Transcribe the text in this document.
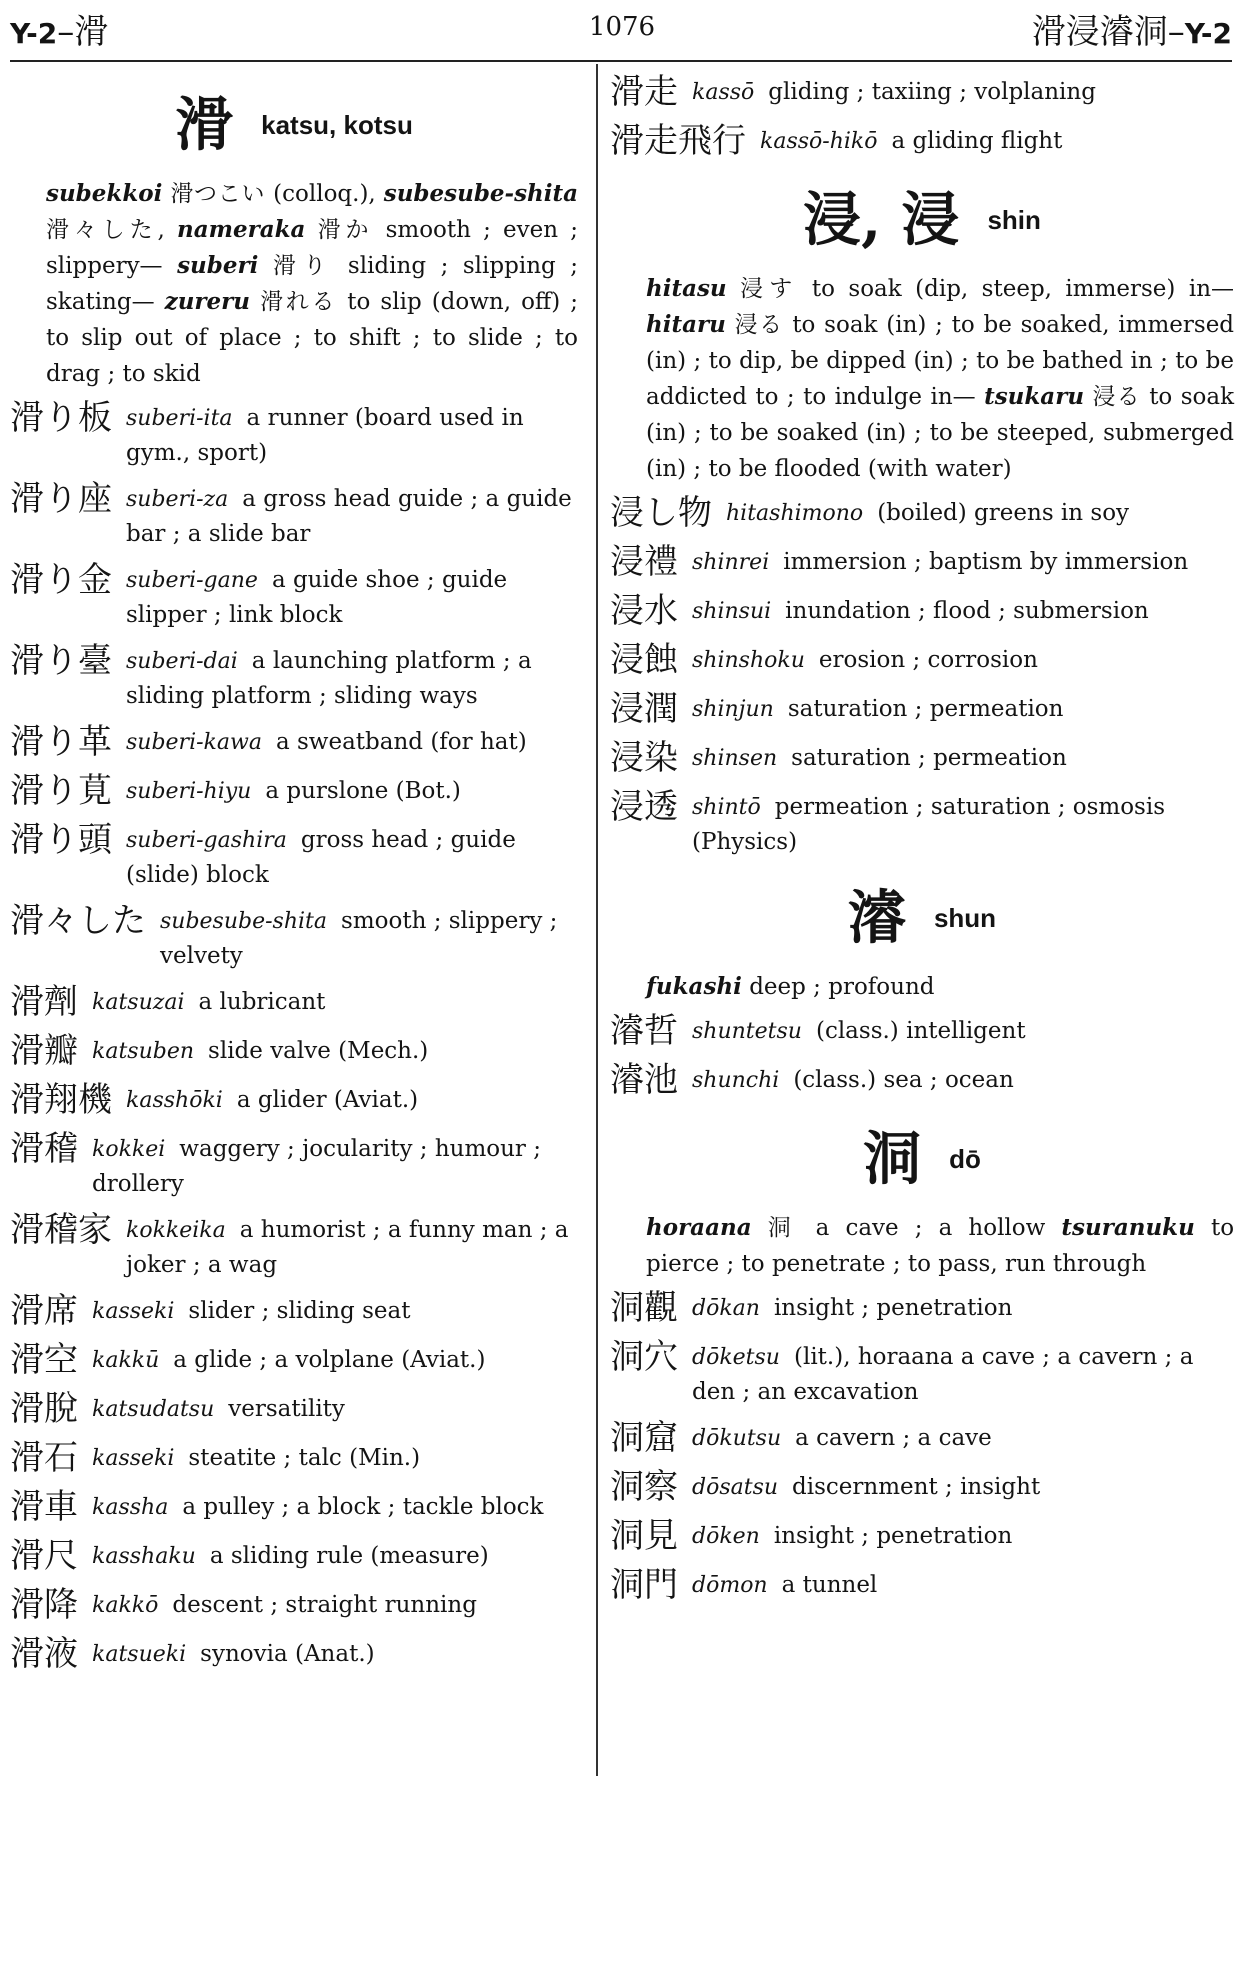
Y-2–滑	1076	滑浸濬洞–Y-2
滑 katsu, kotsu
subekkoi 滑つこい (colloq.), subesube-shita 滑々した, nameraka 滑か smooth ; even ; slippery— suberi 滑り sliding ; slipping ; skating— zureru 滑れる to slip (down, off) ; to slip out of place ; to shift ; to slide ; to drag ; to skid
滑り板 suberi-ita a runner (board used in gym., sport)
滑り座 suberi-za a gross head guide ; a guide bar ; a slide bar
滑り金 suberi-gane a guide shoe ; guide slipper ; link block
滑り臺 suberi-dai a launching platform ; a sliding platform ; sliding ways
滑り革 suberi-kawa a sweatband (for hat)
滑り莧 suberi-hiyu a purslone (Bot.)
滑り頭 suberi-gashira gross head ; guide (slide) block
滑々した subesube-shita smooth ; slippery ; velvety
滑劑 katsuzai a lubricant
滑瓣 katsuben slide valve (Mech.)
滑翔機 kasshōki a glider (Aviat.)
滑稽 kokkei waggery ; jocularity ; humour ; drollery
滑稽家 kokkeika a humorist ; a funny man ; a joker ; a wag
滑席 kasseki slider ; sliding seat
滑空 kakkū a glide ; a volplane (Aviat.)
滑脫 katsudatsu versatility
滑石 kasseki steatite ; talc (Min.)
滑車 kassha a pulley ; a block ; tackle block
滑尺 kasshaku a sliding rule (measure)
滑降 kakkō descent ; straight running
滑液 katsueki synovia (Anat.)
滑走 kassō gliding ; taxiing ; volplaning
滑走飛行 kassō-hikō a gliding flight
浸, 浸 shin
hitasu 浸す to soak (dip, steep, immerse) in— hitaru 浸る to soak (in) ; to be soaked, immersed (in) ; to dip, be dipped (in) ; to be bathed in ; to be addicted to ; to indulge in— tsukaru 浸る to soak (in) ; to be soaked (in) ; to be steeped, submerged (in) ; to be flooded (with water)
浸し物 hitashimono (boiled) greens in soy
浸禮 shinrei immersion ; baptism by immersion
浸水 shinsui inundation ; flood ; submersion
浸蝕 shinshoku erosion ; corrosion
浸潤 shinjun saturation ; permeation
浸染 shinsen saturation ; permeation
浸透 shintō permeation ; saturation ; osmosis (Physics)
濬 shun
fukashi deep ; profound
濬哲 shuntetsu (class.) intelligent
濬池 shunchi (class.) sea ; ocean
洞 dō
horaana 洞 a cave ; a hollow tsuranuku to pierce ; to penetrate ; to pass, run through
洞觀 dōkan insight ; penetration
洞穴 dōketsu (lit.), horaana a cave ; a cavern ; a den ; an excavation
洞窟 dōkutsu a cavern ; a cave
洞察 dōsatsu discernment ; insight
洞見 dōken insight ; penetration
洞門 dōmon a tunnel
